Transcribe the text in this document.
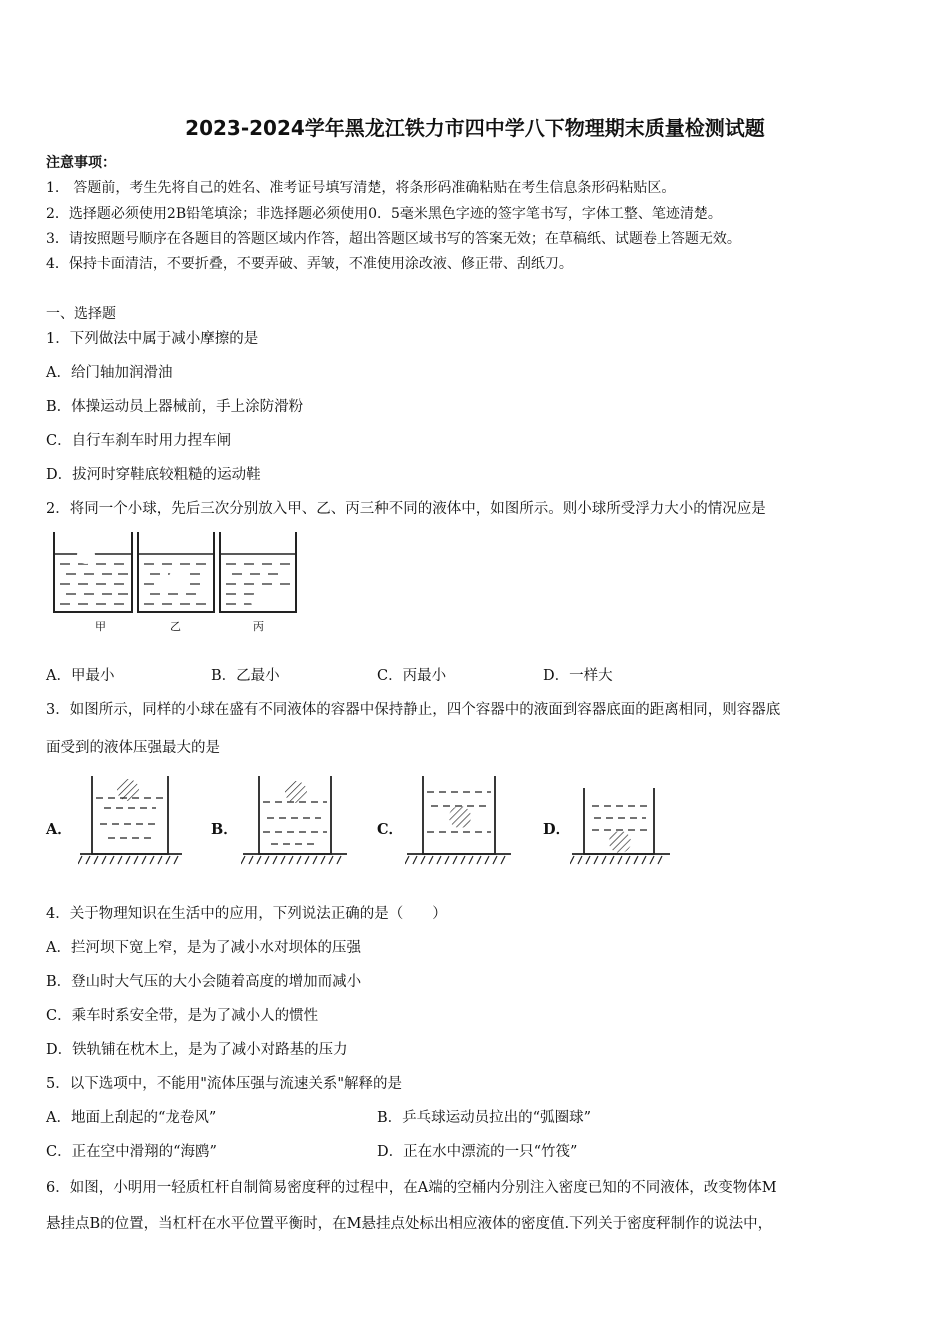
2023-2024学年黑龙江铁力市四中学八下物理期末质量检测试题
注意事项：
1.　答题前，考生先将自己的姓名、准考证号填写清楚，将条形码准确粘贴在考生信息条形码粘贴区。
2．选择题必须使用2B铅笔填涂；非选择题必须使用0．5毫米黑色字迹的签字笔书写，字体工整、笔迹清楚。
3．请按照题号顺序在各题目的答题区域内作答，超出答题区域书写的答案无效；在草稿纸、试题卷上答题无效。
4．保持卡面清洁，不要折叠，不要弄破、弄皱，不准使用涂改液、修正带、刮纸刀。
一、选择题
1．下列做法中属于减小摩擦的是
A．给门轴加润滑油
B．体操运动员上器械前，手上涂防滑粉
C．自行车刹车时用力捏车闸
D．拔河时穿鞋底较粗糙的运动鞋
2．将同一个小球，先后三次分别放入甲、乙、丙三种不同的液体中，如图所示。则小球所受浮力大小的情况应是
甲	乙	丙
A．甲最小	B．乙最小	C．丙最小	D．一样大
3．如图所示，同样的小球在盛有不同液体的容器中保持静止，四个容器中的液面到容器底面的距离相同，则容器底
面受到的液体压强最大的是
A．	B．	C．	D．
4．关于物理知识在生活中的应用，下列说法正确的是（　　）
A．拦河坝下宽上窄，是为了减小水对坝体的压强
B．登山时大气压的大小会随着高度的增加而减小
C．乘车时系安全带，是为了减小人的惯性
D．铁轨铺在枕木上，是为了减小对路基的压力
5．以下选项中，不能用"流体压强与流速关系"解释的是
A．地面上刮起的“龙卷风”	B．乒乓球运动员拉出的“弧圈球”
C．正在空中滑翔的“海鸥”	D．正在水中漂流的一只“竹筏”
6．如图，小明用一轻质杠杆自制简易密度秤的过程中，在A端的空桶内分别注入密度已知的不同液体，改变物体M
悬挂点B的位置，当杠杆在水平位置平衡时，在M悬挂点处标出相应液体的密度值.下列关于密度秤制作的说法中，
